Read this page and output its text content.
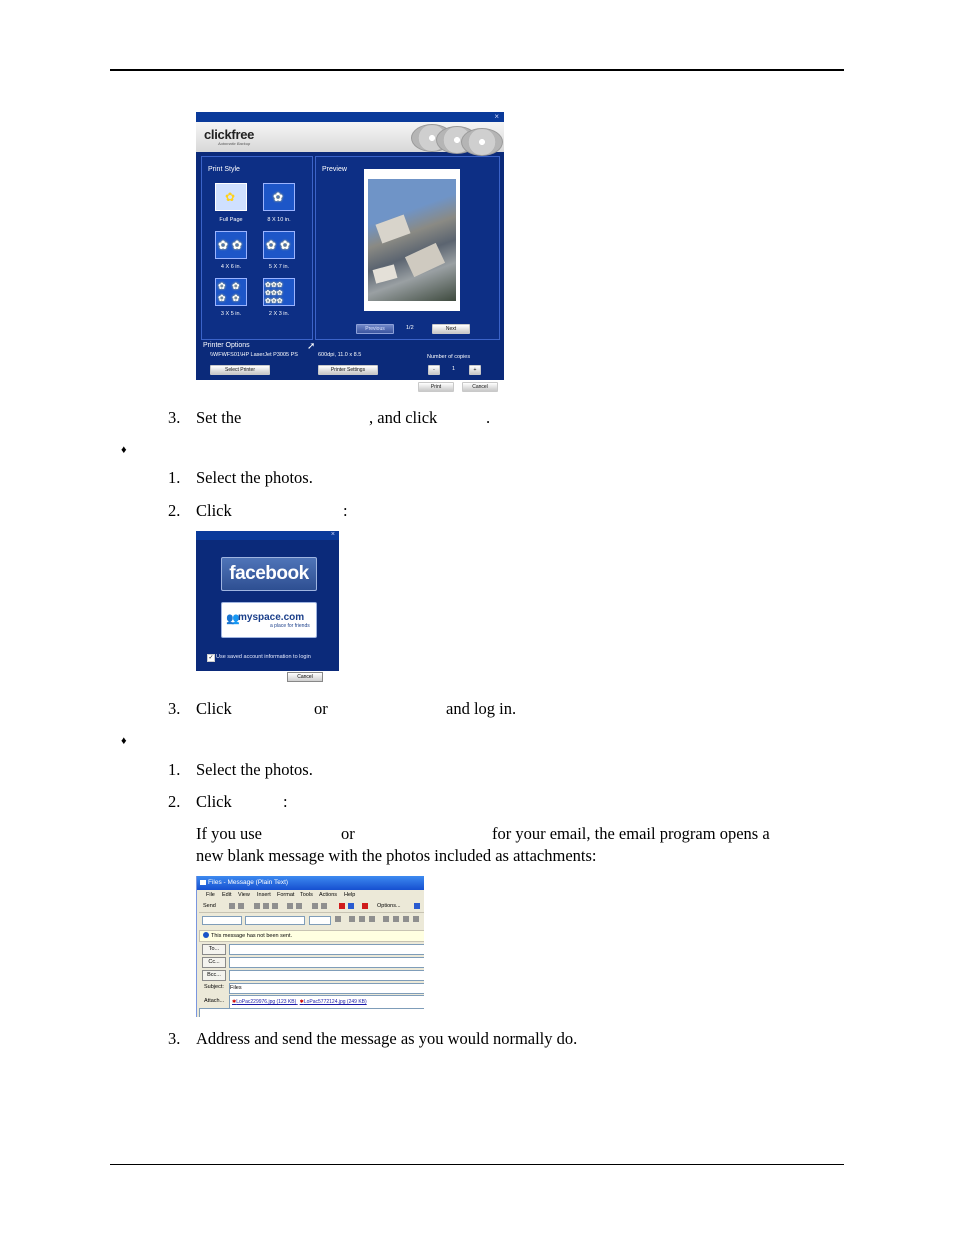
×
clickfree
Automatic Backup
Print Style
✿
Full Page
✿
8 X 10 in.
✿ ✿
4 X 6 in.
✿ ✿
5 X 7 in.
✿ ✿
✿ ✿
3 X 5 in.
✿✿✿
✿✿✿
✿✿✿
2 X 3 in.
Preview
Previous	1/2	Next
➚
Printer Options
\\WFWFS01\HP LaserJet P3005 PS	600dpi, 11.0 x 8.5	Number of copies
Select Printer	Printer Settings	-	1	+
Print	Cancel
3. Set the	, and click	.
♦
1. Select the photos.
2. Click	:
×
facebook
👥
myspace.com
a place for friends
✓ Use saved account information to login
Cancel
3. Click	or	and log in.
♦
1. Select the photos.
2. Click	:
If you use	or	for your email, the email program opens a
new blank message with the photos included as attachments:
Files - Message (Plain Text)
File Edit View Insert Format Tools Actions Help
Send	Options...
This message has not been sent.
To...
Cc...
Bcc...
Subject: Files
Attach...	✱LoPac229976.jpg (123 KB) ✱LoPac5772124.jpg (249 KB)
3. Address and send the message as you would normally do.
